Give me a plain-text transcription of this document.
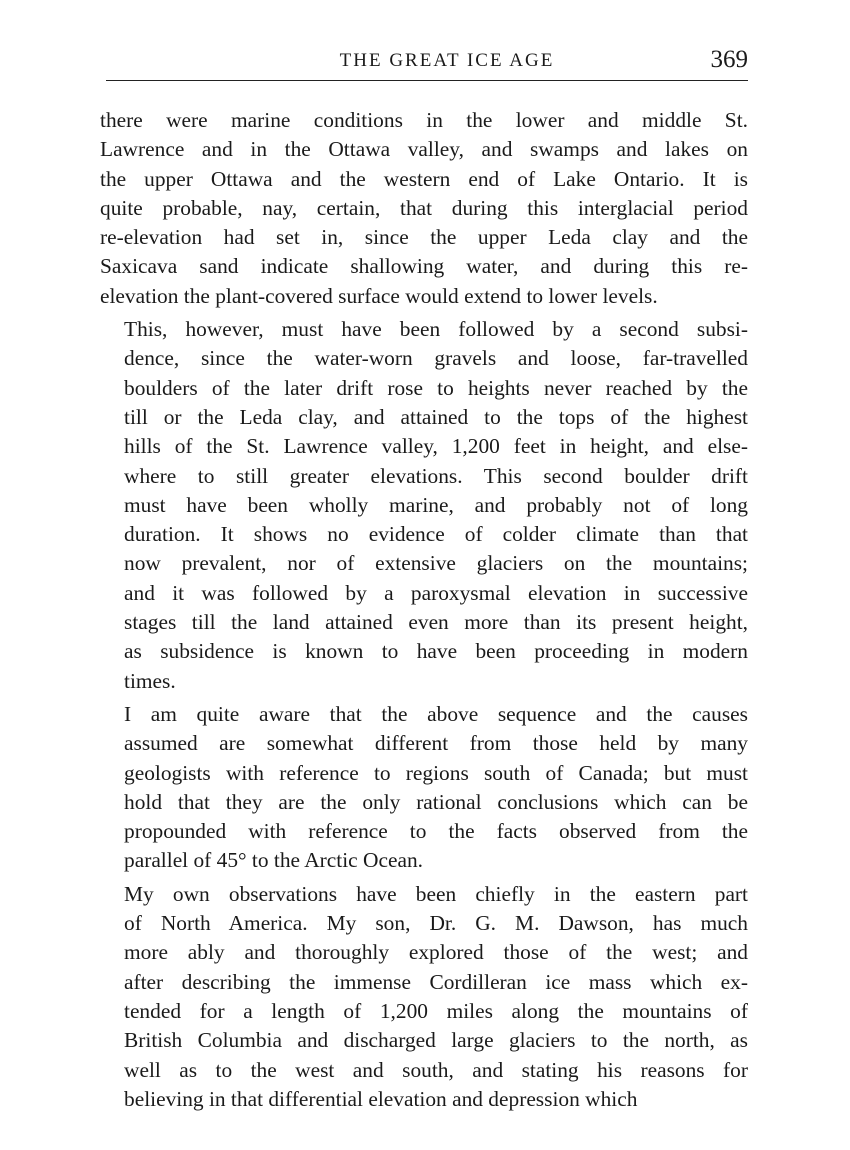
THE GREAT ICE AGE	369
there were marine conditions in the lower and middle St.
Lawrence and in the Ottawa valley, and swamps and lakes on
the upper Ottawa and the western end of Lake Ontario. It is
quite probable, nay, certain, that during this interglacial period
re-elevation had set in, since the upper Leda clay and the
Saxicava sand indicate shallowing water, and during this re-
elevation the plant-covered surface would extend to lower levels.
This, however, must have been followed by a second subsi-
dence, since the water-worn gravels and loose, far-travelled
boulders of the later drift rose to heights never reached by the
till or the Leda clay, and attained to the tops of the highest
hills of the St. Lawrence valley, 1,200 feet in height, and else-
where to still greater elevations. This second boulder drift
must have been wholly marine, and probably not of long
duration. It shows no evidence of colder climate than that
now prevalent, nor of extensive glaciers on the mountains;
and it was followed by a paroxysmal elevation in successive
stages till the land attained even more than its present height,
as subsidence is known to have been proceeding in modern
times.
I am quite aware that the above sequence and the causes
assumed are somewhat different from those held by many
geologists with reference to regions south of Canada; but must
hold that they are the only rational conclusions which can be
propounded with reference to the facts observed from the
parallel of 45° to the Arctic Ocean.
My own observations have been chiefly in the eastern part
of North America. My son, Dr. G. M. Dawson, has much
more ably and thoroughly explored those of the west; and
after describing the immense Cordilleran ice mass which ex-
tended for a length of 1,200 miles along the mountains of
British Columbia and discharged large glaciers to the north, as
well as to the west and south, and stating his reasons for
believing in that differential elevation and depression which
